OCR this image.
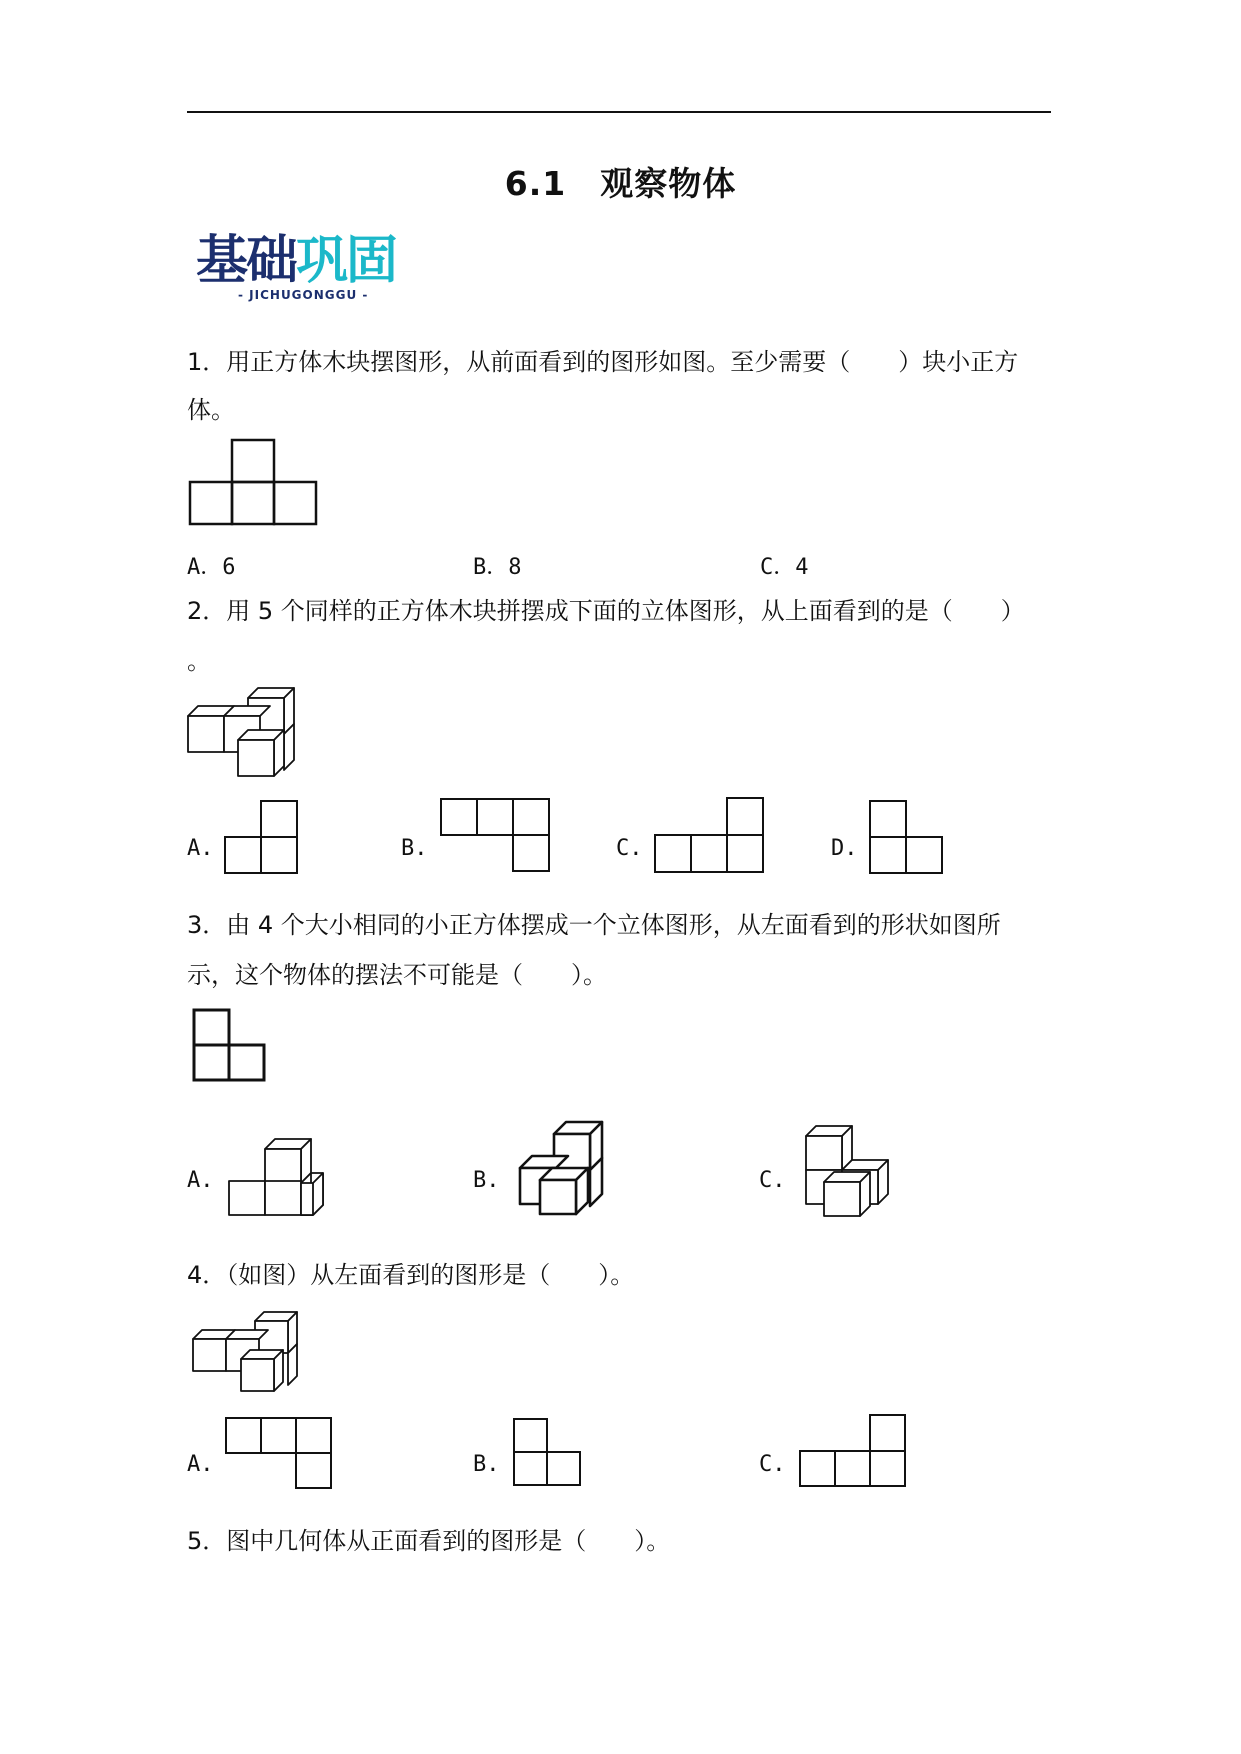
6.1　观察物体
基础巩固
- JICHUGONGGU -
1．用正方体木块摆图形，从前面看到的图形如图。至少需要（　　）块小正方
体。
A．6	B．8	C．4
2．用 5 个同样的正方体木块拼摆成下面的立体图形，从上面看到的是（　　）
。
A.	B.	C.	D.
3．由 4 个大小相同的小正方体摆成一个立体图形，从左面看到的形状如图所
示，这个物体的摆法不可能是（　　）。
A.	B.	C.
4．（如图）从左面看到的图形是（　　）。
A.	B.	C.
5．图中几何体从正面看到的图形是（　　）。
